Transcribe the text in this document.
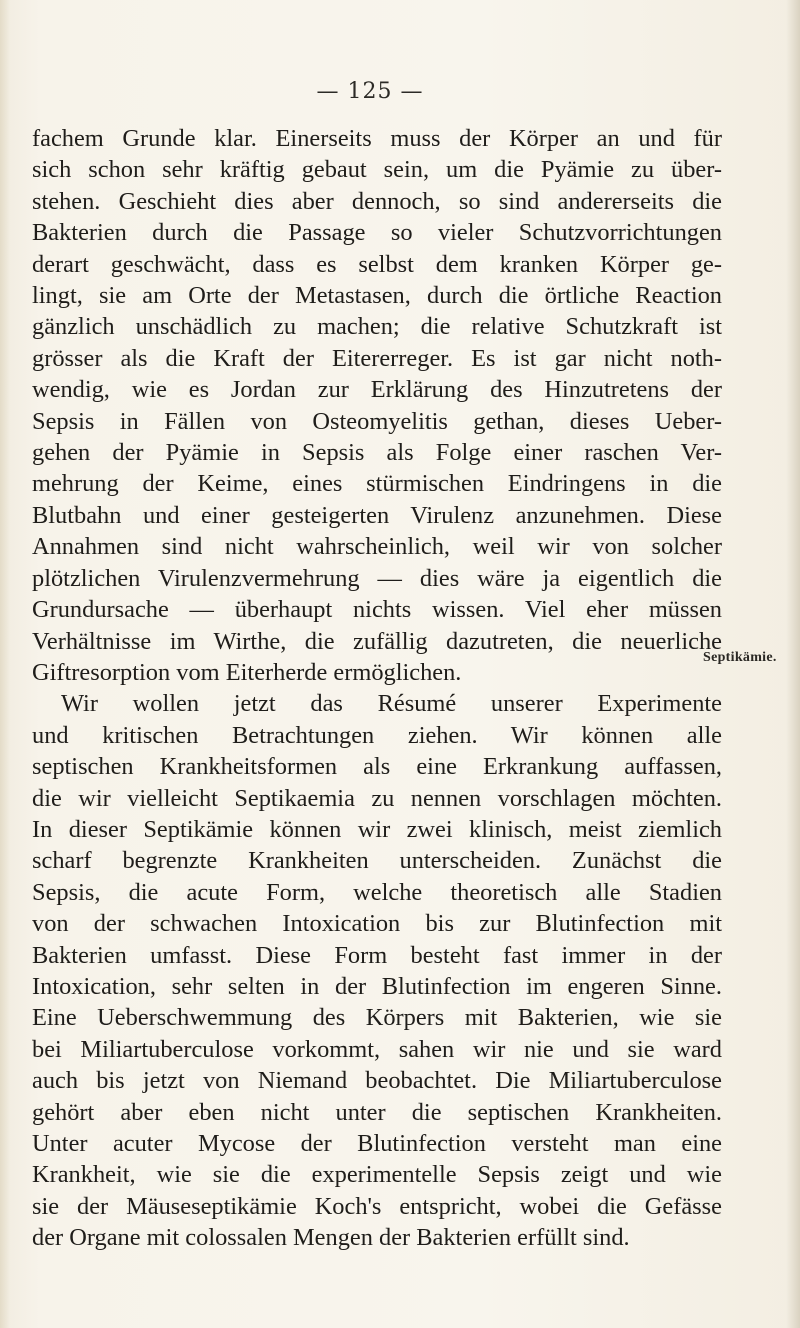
— 125 —
fachem Grunde klar. Einerseits muss der Körper an und für
sich schon sehr kräftig gebaut sein, um die Pyämie zu über-
stehen. Geschieht dies aber dennoch, so sind andererseits die
Bakterien durch die Passage so vieler Schutzvorrichtungen
derart geschwächt, dass es selbst dem kranken Körper ge-
lingt, sie am Orte der Metastasen, durch die örtliche Reaction
gänzlich unschädlich zu machen; die relative Schutzkraft ist
grösser als die Kraft der Eitererreger. Es ist gar nicht noth-
wendig, wie es Jordan zur Erklärung des Hinzutretens der
Sepsis in Fällen von Osteomyelitis gethan, dieses Ueber-
gehen der Pyämie in Sepsis als Folge einer raschen Ver-
mehrung der Keime, eines stürmischen Eindringens in die
Blutbahn und einer gesteigerten Virulenz anzunehmen. Diese
Annahmen sind nicht wahrscheinlich, weil wir von solcher
plötzlichen Virulenzvermehrung — dies wäre ja eigentlich die
Grundursache — überhaupt nichts wissen. Viel eher müssen
Verhältnisse im Wirthe, die zufällig dazutreten, die neuerliche
Giftresorption vom Eiterherde ermöglichen.
Wir wollen jetzt das Résumé unserer Experimente
und kritischen Betrachtungen ziehen. Wir können alle
septischen Krankheitsformen als eine Erkrankung auffassen,
die wir vielleicht Septikaemia zu nennen vorschlagen möchten.
In dieser Septikämie können wir zwei klinisch, meist ziemlich
scharf begrenzte Krankheiten unterscheiden. Zunächst die
Sepsis, die acute Form, welche theoretisch alle Stadien
von der schwachen Intoxication bis zur Blutinfection mit
Bakterien umfasst. Diese Form besteht fast immer in der
Intoxication, sehr selten in der Blutinfection im engeren Sinne.
Eine Ueberschwemmung des Körpers mit Bakterien, wie sie
bei Miliartuberculose vorkommt, sahen wir nie und sie ward
auch bis jetzt von Niemand beobachtet. Die Miliartuberculose
gehört aber eben nicht unter die septischen Krankheiten.
Unter acuter Mycose der Blutinfection versteht man eine
Krankheit, wie sie die experimentelle Sepsis zeigt und wie
sie der Mäuseseptikämie Koch's entspricht, wobei die Gefässe
der Organe mit colossalen Mengen der Bakterien erfüllt sind.
Septikämie.
